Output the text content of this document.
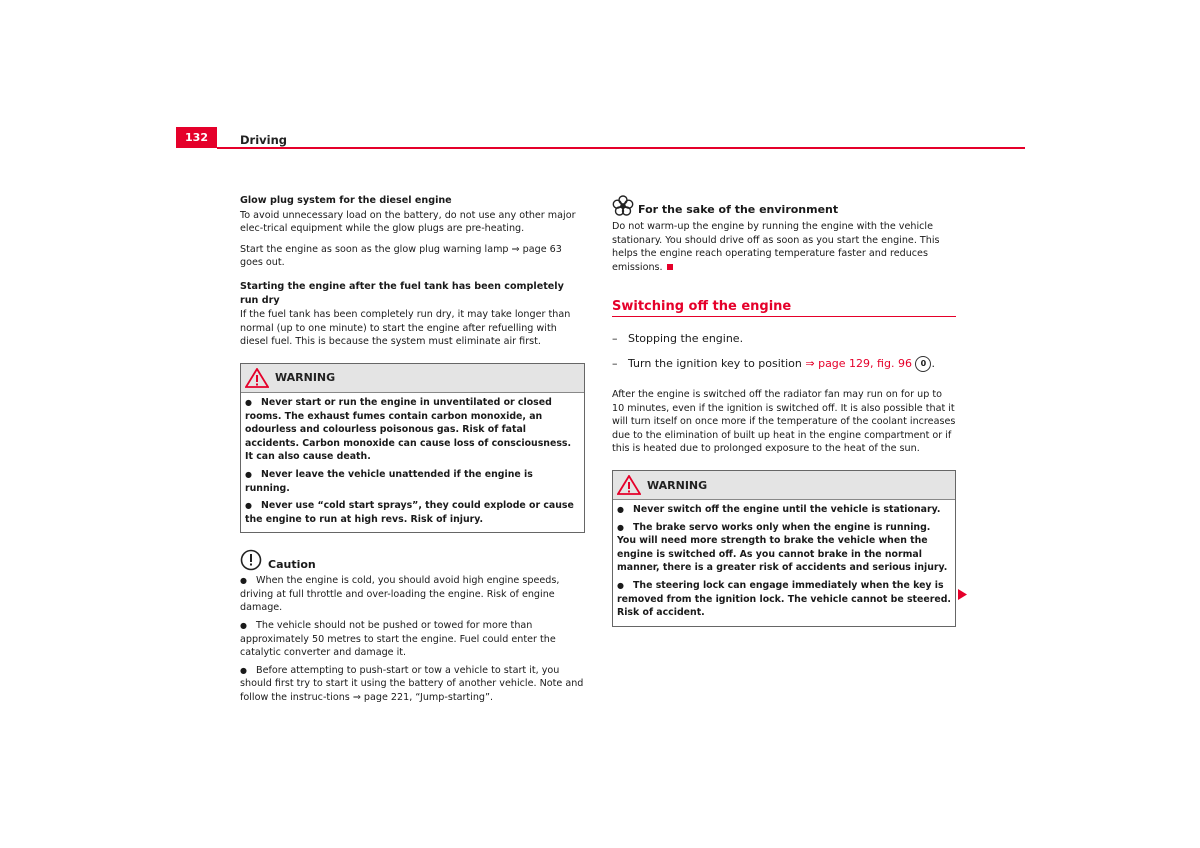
132	Driving
Glow plug system for the diesel engine

To avoid unnecessary load on the battery, do not use any other major elec-trical equipment while the glow plugs are pre-heating.

Start the engine as soon as the glow plug warning lamp ⇒ page 63 goes out.

Starting the engine after the fuel tank has been completely run dry

If the fuel tank has been completely run dry, it may take longer than normal (up to one minute) to start the engine after refuelling with diesel fuel. This is because the system must eliminate air first.

WARNING

●Never start or run the engine in unventilated or closed rooms. The exhaust fumes contain carbon monoxide, an odourless and colourless poisonous gas. Risk of fatal accidents. Carbon monoxide can cause loss of consciousness. It can also cause death.

●Never leave the vehicle unattended if the engine is running.

●Never use “cold start sprays”, they could explode or cause the engine to run at high revs. Risk of injury.

Caution

●When the engine is cold, you should avoid high engine speeds, driving at full throttle and over-loading the engine. Risk of engine damage.

●The vehicle should not be pushed or towed for more than approximately 50 metres to start the engine. Fuel could enter the catalytic converter and damage it.

●Before attempting to push-start or tow a vehicle to start it, you should first try to start it using the battery of another vehicle. Note and follow the instruc-tions ⇒ page 221, “Jump-starting”.

For the sake of the environment

Do not warm-up the engine by running the engine with the vehicle stationary. You should drive off as soon as you start the engine. This helps the engine reach operating temperature faster and reduces emissions.

Switching off the engine
– Stopping the engine.
– Turn the ignition key to position ⇒ page 129, fig. 96 0 .
After the engine is switched off the radiator fan may run on for up to 10 minutes, even if the ignition is switched off. It is also possible that it will turn itself on once more if the temperature of the coolant increases due to the elimination of built up heat in the engine compartment or if this is heated due to prolonged exposure to the heat of the sun.
WARNING

●Never switch off the engine until the vehicle is stationary.

●The brake servo works only when the engine is running. You will need more strength to brake the vehicle when the engine is switched off. As you cannot brake in the normal manner, there is a greater risk of accidents and serious injury.

●The steering lock can engage immediately when the key is removed from the ignition lock. The vehicle cannot be steered. Risk of accident.
